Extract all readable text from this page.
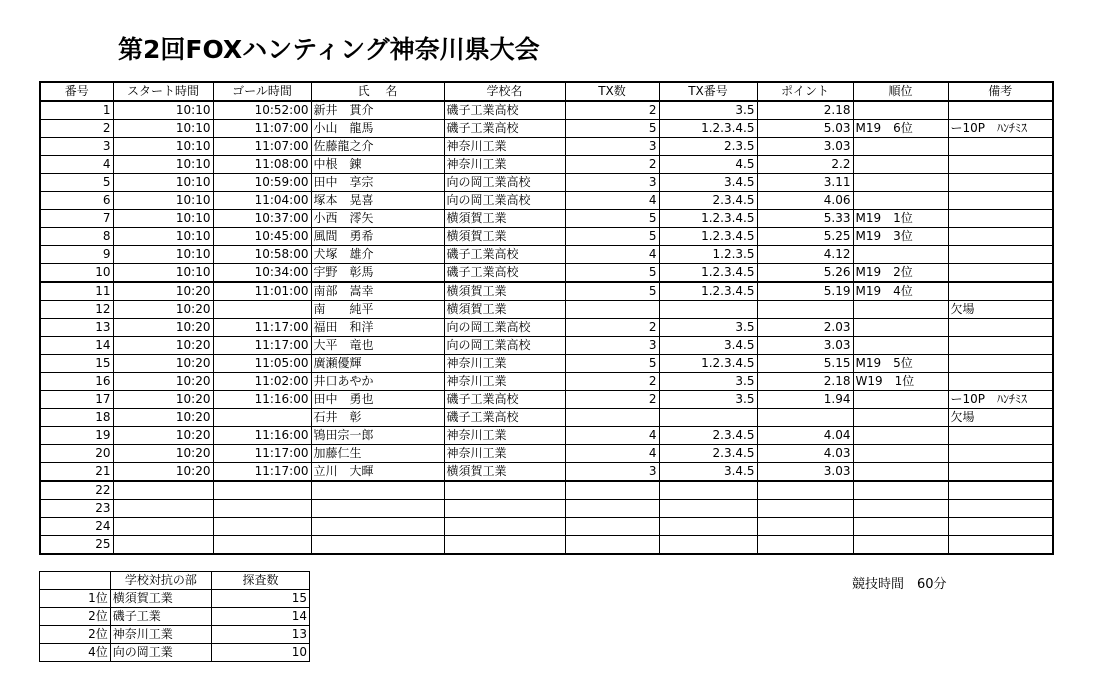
第2回FOXハンティング神奈川県大会
番号	スタート時間	ゴール時間	氏　 名	学校名	TX数	TX番号	ポイント	順位	備考
1	10:10	10:52:00	新井　貫介	磯子工業高校	2	3.5	2.18		
2	10:10	11:07:00	小山　龍馬	磯子工業高校	5	1.2.3.4.5	5.03	M19　6位	ー10P　ﾊﾝﾁﾐｽ
3	10:10	11:07:00	佐藤龍之介	神奈川工業	3	2.3.5	3.03		
4	10:10	11:08:00	中根　錬	神奈川工業	2	4.5	2.2		
5	10:10	10:59:00	田中　享宗	向の岡工業高校	3	3.4.5	3.11		
6	10:10	11:04:00	塚本　晃喜	向の岡工業高校	4	2.3.4.5	4.06		
7	10:10	10:37:00	小西　澪矢	横須賀工業	5	1.2.3.4.5	5.33	M19　1位	
8	10:10	10:45:00	風間　勇希	横須賀工業	5	1.2.3.4.5	5.25	M19　3位	
9	10:10	10:58:00	犬塚　雄介	磯子工業高校	4	1.2.3.5	4.12		
10	10:10	10:34:00	宇野　彰馬	磯子工業高校	5	1.2.3.4.5	5.26	M19　2位	
11	10:20	11:01:00	南部　嵩幸	横須賀工業	5	1.2.3.4.5	5.19	M19　4位	
12	10:20		南　　純平	横須賀工業					欠場
13	10:20	11:17:00	福田　和洋	向の岡工業高校	2	3.5	2.03		
14	10:20	11:17:00	大平　竜也	向の岡工業高校	3	3.4.5	3.03		
15	10:20	11:05:00	廣瀬優輝	神奈川工業	5	1.2.3.4.5	5.15	M19　5位	
16	10:20	11:02:00	井口あやか	神奈川工業	2	3.5	2.18	W19　1位	
17	10:20	11:16:00	田中　勇也	磯子工業高校	2	3.5	1.94		ー10P　ﾊﾝﾁﾐｽ
18	10:20		石井　彰	磯子工業高校					欠場
19	10:20	11:16:00	鴇田宗一郎	神奈川工業	4	2.3.4.5	4.04		
20	10:20	11:17:00	加藤仁生	神奈川工業	4	2.3.4.5	4.03		
21	10:20	11:17:00	立川　大暉	横須賀工業	3	3.4.5	3.03		
22									
23									
24									
25									
	学校対抗の部	探査数
1位	横須賀工業	15
2位	磯子工業	14
2位	神奈川工業	13
4位	向の岡工業	10
競技時間　60分
